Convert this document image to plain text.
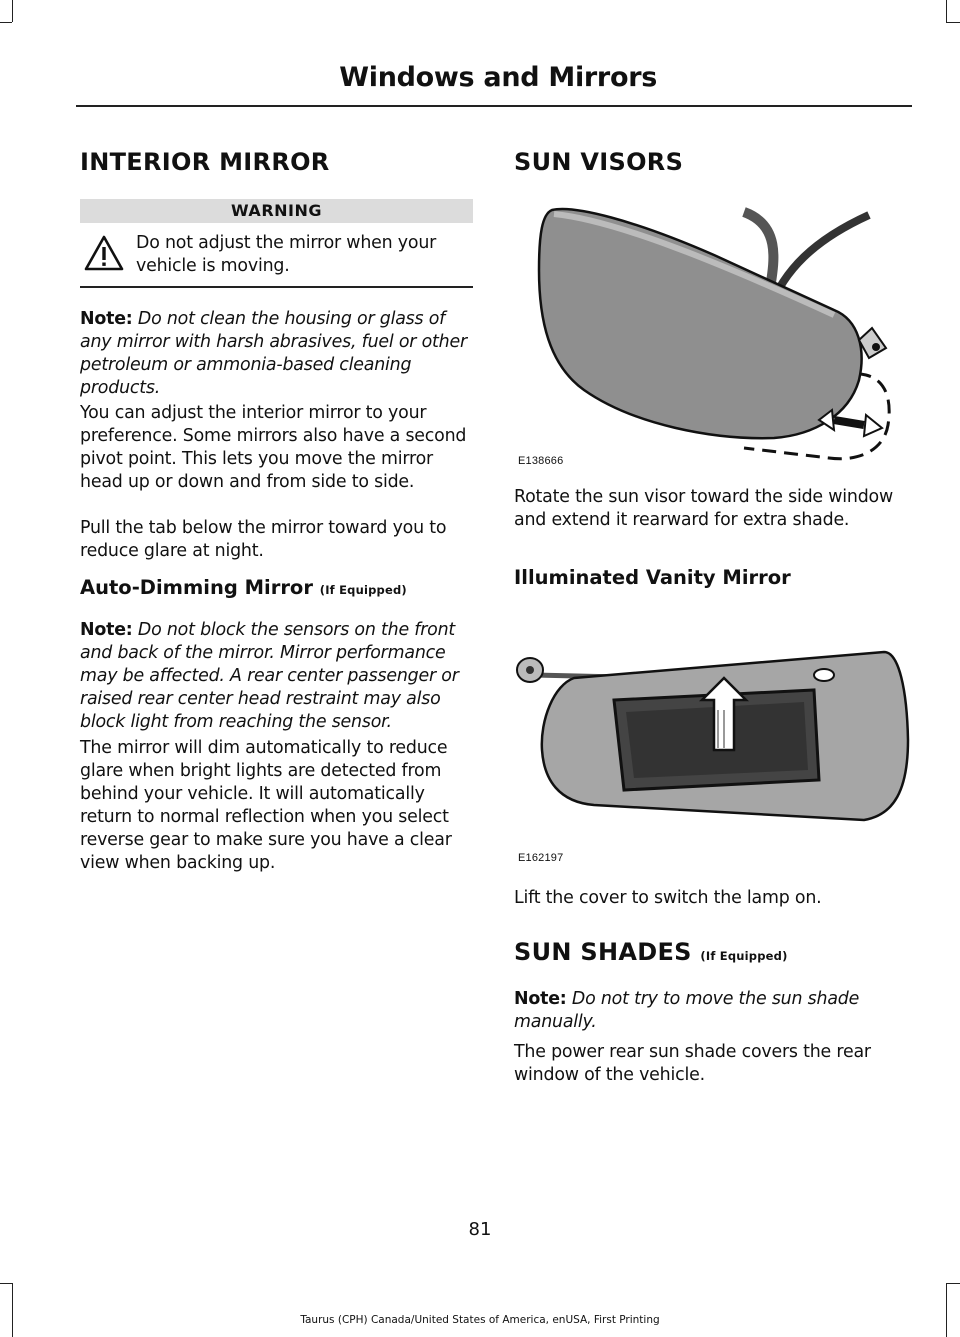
Windows and Mirrors
INTERIOR MIRROR
WARNING
Do not adjust the mirror when your vehicle is moving.
Note: Do not clean the housing or glass of any mirror with harsh abrasives, fuel or other petroleum or ammonia-based cleaning products.
You can adjust the interior mirror to your preference. Some mirrors also have a second pivot point. This lets you move the mirror head up or down and from side to side.
Pull the tab below the mirror toward you to reduce glare at night.
Auto-Dimming Mirror (If Equipped)
Note: Do not block the sensors on the front and back of the mirror. Mirror performance may be affected. A rear center passenger or raised rear center head restraint may also block light from reaching the sensor.
The mirror will dim automatically to reduce glare when bright lights are detected from behind your vehicle. It will automatically return to normal reflection when you select reverse gear to make sure you have a clear view when backing up.
SUN VISORS
E138666
Rotate the sun visor toward the side window and extend it rearward for extra shade.
Illuminated Vanity Mirror
E162197
Lift the cover to switch the lamp on.
SUN SHADES (If Equipped)
Note: Do not try to move the sun shade manually.
The power rear sun shade covers the rear window of the vehicle.
81
Taurus (CPH) Canada/United States of America, enUSA, First Printing
